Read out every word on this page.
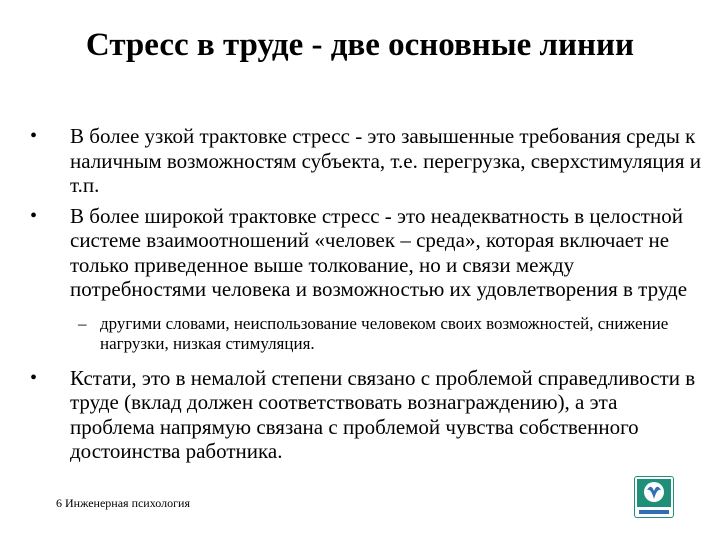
Стресс в труде - две основные линии
• В более узкой трактовке стресс - это завышенные требования среды к наличным возможностям субъекта, т.е. перегрузка, сверхстимуляция и т.п.
• В более широкой трактовке стресс - это неадекватность в целостной системе взаимоотношений «человек – среда», которая включает не только приведенное выше толкование, но и связи между потребностями человека и возможностью их удовлетворения в труде
– другими словами, неиспользование человеком своих возможностей, снижение нагрузки, низкая стимуляция.
• Кстати, это в немалой степени связано с проблемой справедливости в труде (вклад должен соответствовать вознаграждению), а эта проблема напрямую связана с проблемой чувства собственного достоинства работника.
6 Инженерная психология
